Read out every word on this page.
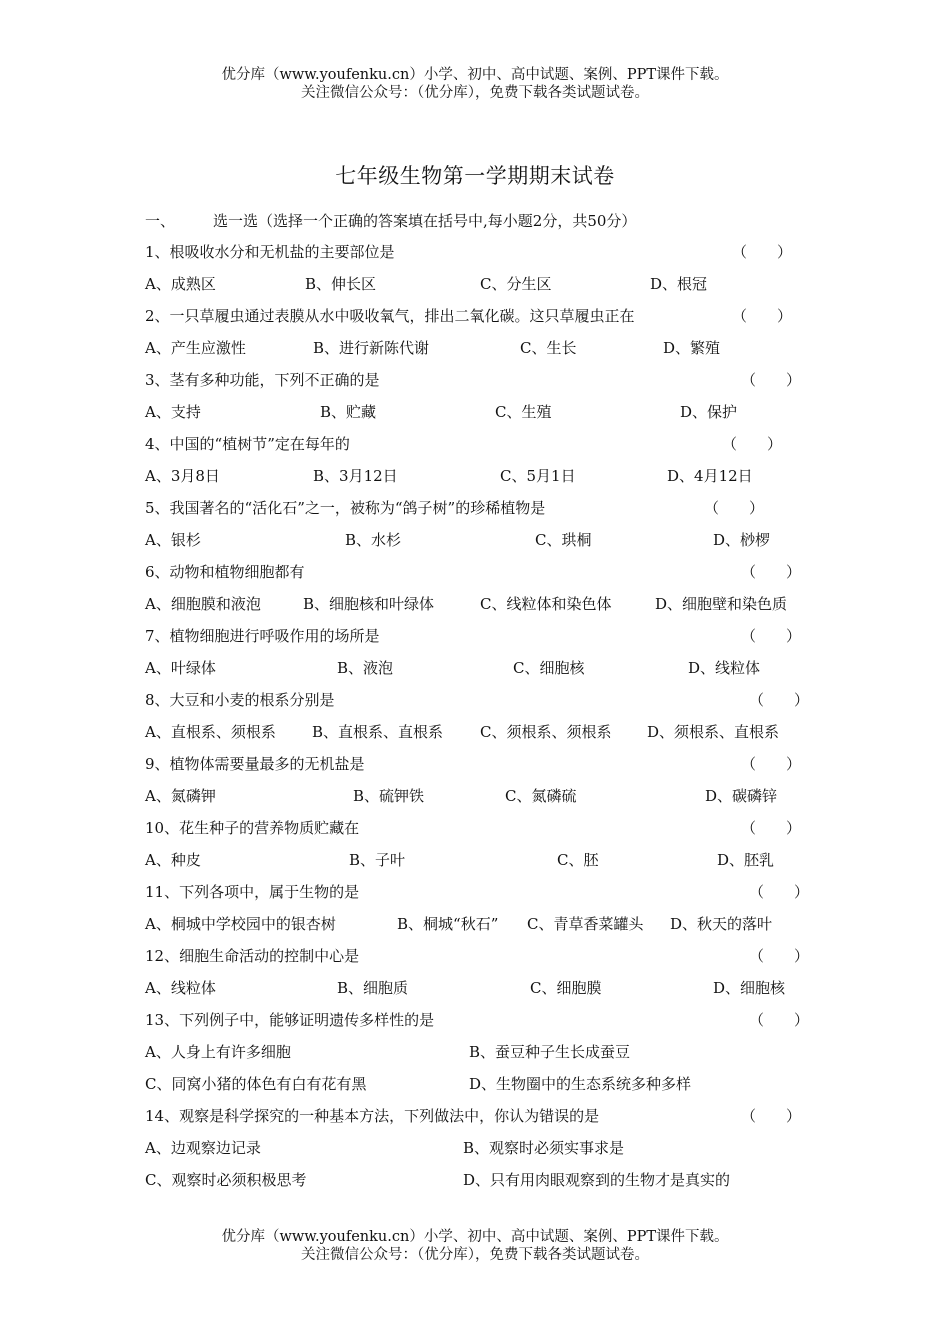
优分库（www.youfenku.cn）小学、初中、高中试题、案例、PPT课件下载。
关注微信公众号：（优分库），免费下载各类试题试卷。
七年级生物第一学期期末试卷
一、	选一选（选择一个正确的答案填在括号中,每小题2分，共50分）
1、根吸收水分和无机盐的主要部位是	（　　）
A、成熟区	B、伸长区	C、分生区	D、根冠
2、一只草履虫通过表膜从水中吸收氧气，排出二氧化碳。这只草履虫正在	（　　）
A、产生应激性	B、进行新陈代谢	C、生长	D、繁殖
3、茎有多种功能，下列不正确的是	（　　）
A、支持	B、贮藏	C、生殖	D、保护
4、中国的“植树节”定在每年的	（　　）
A、3月8日	B、3月12日	C、5月1日	D、4月12日
5、我国著名的“活化石”之一，被称为“鸽子树”的珍稀植物是	（　　）
A、银杉	B、水杉	C、珙桐	D、桫椤
6、动物和植物细胞都有	（　　）
A、细胞膜和液泡	B、细胞核和叶绿体	C、线粒体和染色体	D、细胞壁和染色质
7、植物细胞进行呼吸作用的场所是	（　　）
A、叶绿体	B、液泡	C、细胞核	D、线粒体
8、大豆和小麦的根系分别是	（　　）
A、直根系、须根系 B、直根系、直根系 C、须根系、须根系 D、须根系、直根系
9、植物体需要量最多的无机盐是	（　　）
A、氮磷钾	B、硫钾铁	C、氮磷硫	D、碳磷锌
10、花生种子的营养物质贮藏在	（　　）
A、种皮	B、子叶	C、胚	D、胚乳
11、下列各项中，属于生物的是	（　　）
A、桐城中学校园中的银杏树	B、桐城“秋石” C、青草香菜罐头 D、秋天的落叶
12、细胞生命活动的控制中心是	（　　）
A、线粒体	B、细胞质	C、细胞膜	D、细胞核
13、下列例子中，能够证明遗传多样性的是	（　　）
A、人身上有许多细胞	B、蚕豆种子生长成蚕豆
C、同窝小猪的体色有白有花有黑	D、生物圈中的生态系统多种多样
14、观察是科学探究的一种基本方法，下列做法中，你认为错误的是	（　　）
A、边观察边记录	B、观察时必须实事求是
C、观察时必须积极思考	D、只有用肉眼观察到的生物才是真实的
优分库（www.youfenku.cn）小学、初中、高中试题、案例、PPT课件下载。
关注微信公众号：（优分库），免费下载各类试题试卷。
